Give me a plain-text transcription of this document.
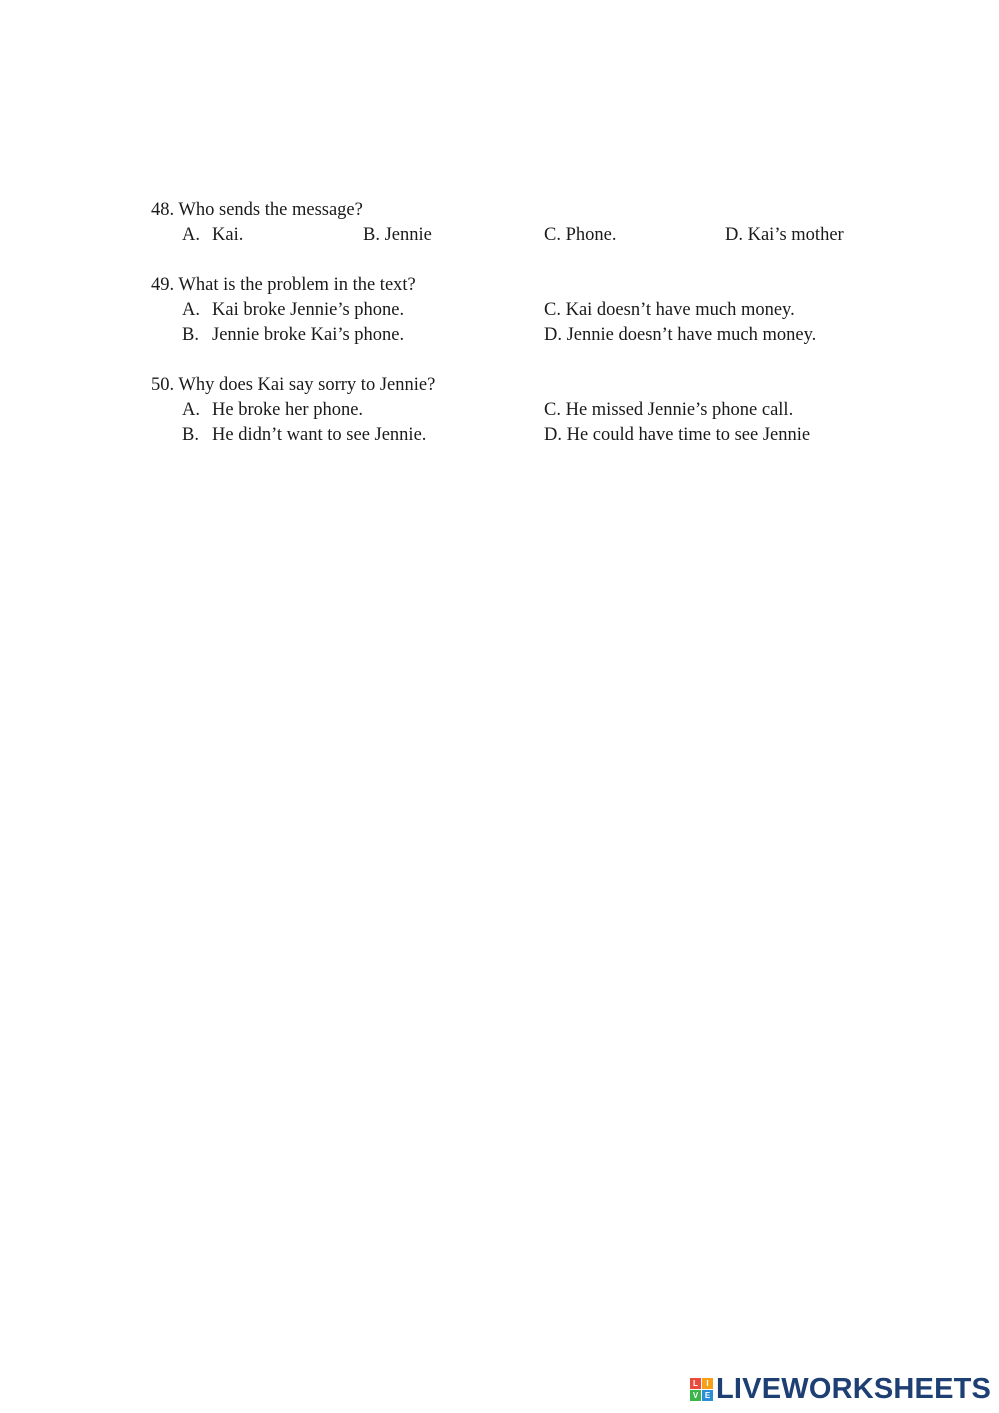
48. Who sends the message?
A. Kai.	B. Jennie	C. Phone.	D. Kai’s mother
49. What is the problem in the text?
A. Kai broke Jennie’s phone.	C. Kai doesn’t have much money.
B. Jennie broke Kai’s phone.	D. Jennie doesn’t have much money.
50. Why does Kai say sorry to Jennie?
A. He broke her phone.	C. He missed Jennie’s phone call.
B. He didn’t want to see Jennie.	D. He could have time to see Jennie
L	I
V E LIVEWORKSHEETS
